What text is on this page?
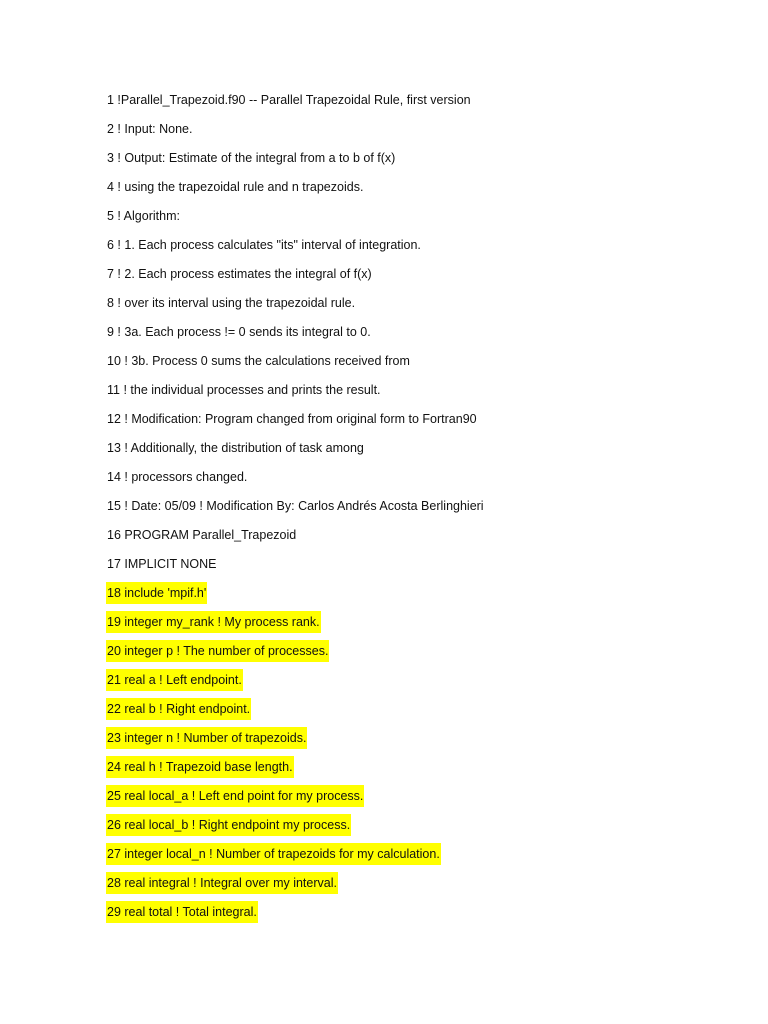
1 !Parallel_Trapezoid.f90 -- Parallel Trapezoidal Rule, first version
2 ! Input: None.
3 ! Output: Estimate of the integral from a to b of f(x)
4 ! using the trapezoidal rule and n trapezoids.
5 ! Algorithm:
6 ! 1. Each process calculates "its" interval of integration.
7 ! 2. Each process estimates the integral of f(x)
8 ! over its interval using the trapezoidal rule.
9 ! 3a. Each process != 0 sends its integral to 0.
10 ! 3b. Process 0 sums the calculations received from
11 ! the individual processes and prints the result.
12 ! Modification: Program changed from original form to Fortran90
13 ! Additionally, the distribution of task among
14 ! processors changed.
15 ! Date: 05/09 ! Modification By: Carlos Andrés Acosta Berlinghieri
16 PROGRAM Parallel_Trapezoid
17 IMPLICIT NONE
18 include 'mpif.h'
19 integer my_rank ! My process rank.
20 integer p ! The number of processes.
21 real a ! Left endpoint.
22 real b ! Right endpoint.
23 integer n ! Number of trapezoids.
24 real h ! Trapezoid base length.
25 real local_a ! Left end point for my process.
26 real local_b ! Right endpoint my process.
27 integer local_n ! Number of trapezoids for my calculation.
28 real integral ! Integral over my interval.
29 real total ! Total integral.
